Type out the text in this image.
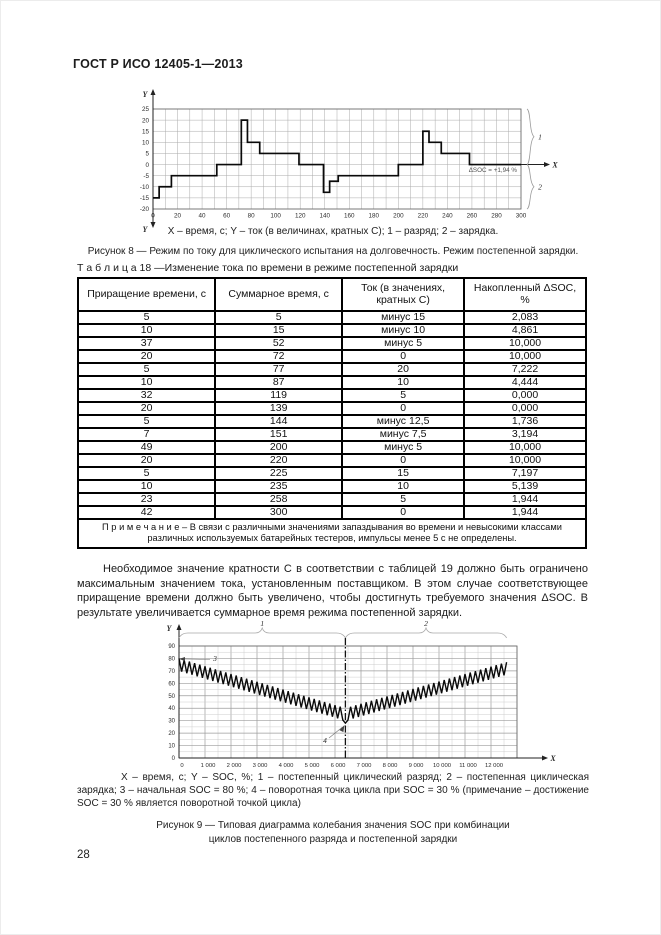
ГОСТ Р ИСО 12405-1—2013
Y
Y
X
25
20
15
10
5
0
-5
-10
-15
-20
0	20	40	60	80	100 120 140 160 180 200 220 240 260 280 300
ΔSOC = +1,94 %
1
2
X – время, с; Y – ток (в величинах, кратных С); 1 – разряд; 2 – зарядка.
Рисунок 8 — Режим по току для циклического испытания на долговечность. Режим постепенной зарядки.
Т а б л и ц а 18 —Изменение тока по времени в режиме постепенной зарядки
Приращение времени, с	Суммарное время, с	Ток (в значениях, кратных С)	Накопленный ΔSOC, %
5	5	минус 15	2,083
10	15	минус 10	4,861
37	52	минус 5	10,000
20	72	0	10,000
5	77	20	7,222
10	87	10	4,444
32	119	5	0,000
20	139	0	0,000
5	144	минус 12,5	1,736
7	151	минус 7,5	3,194
49	200	минус 5	10,000
20	220	0	10,000
5	225	15	7,197
10	235	10	5,139
23	258	5	1,944
42	300	0	1,944
П р и м е ч а н и е – В связи с различными значениями запаздывания во времени и невысокими классами различных используемых батарейных тестеров, импульсы менее 5 с не определены.			
Необходимое значение кратности С в соответствии с таблицей 19 должно быть ограничено максимальным значением тока, установленным поставщиком. В этом случае соответствующее приращение времени должно быть увеличено, чтобы достигнуть требуемого значения ΔSOC. В результате увеличивается суммарное время режима постепенной зарядки.
Y
X
0
10
20
30
40
50
60
70
80
90
0	1 000 2 000 3 000 4 000 5 000 6 000 7 000 8 000 9 000 10 000 11 000 12 000
1	2
3
4
X – время, с; Y – SOC, %; 1 – постепенный циклический разряд; 2 – постепенная циклическая зарядка; 3 – начальная SOC = 80 %; 4 – поворотная точка цикла при SOC = 30 % (примечание – достижение SOC = 30 % является поворотной точкой цикла)
Рисунок 9 — Типовая диаграмма колебания значения SOC при комбинации
циклов постепенного разряда и постепенной зарядки
28
